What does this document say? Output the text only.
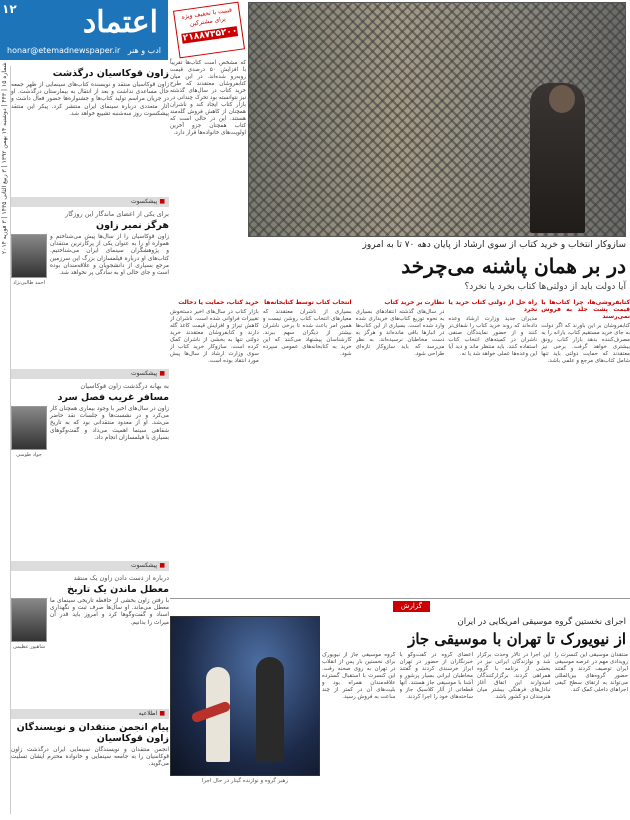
اعتماد
honar@etemadnewspaper.ir ادب و هنر
۱۲
شماره ۱۵ | ۴۴۳ | دوشنبه ۱۴ بهمن ۱۳۹۲ | ۳ ربیع الثانی ۱۴۳۵ | ۳ فوریه ۲۰۱۴	زاون قوکاسیان درگذشت

زاون قوکاسیان منتقد و نویسنده کتاب‌های سینمایی از ظهر جمعه حال مساعدی نداشت و بعد از انتقال به بیمارستان درگذشت. او در جریان مراسم تولید کتاب‌ها و جشنواره‌ها حضور فعال داشت و آثار متعددی درباره سینمای ایران منتشر کرد. پیکر این منتقد پیشکسوت روز سه‌شنبه تشییع خواهد شد.

■ پیشکسوت
برای یکی از اعضای ماندگار این روزگار
هرگز نمیر زاون

زاون قوکاسیان را از سال‌ها پیش می‌شناختم و همواره او را به عنوان یکی از پرکارترین منتقدان و پژوهشگران سینمای ایران می‌شناختیم. کتاب‌های او درباره فیلمسازان بزرگ این سرزمین مرجع بسیاری از دانشجویان و علاقه‌مندان بوده است و جای خالی او به سادگی پر نخواهد شد.

احمد طالبی‌نژاد
■ پیشکسوت
به بهانه درگذشت زاون قوکاسیان
مسافر غریب فصل سرد

زاون در سال‌های اخیر با وجود بیماری همچنان کار می‌کرد و در نشست‌ها و جلسات نقد حاضر می‌شد. او از معدود منتقدانی بود که به تاریخ شفاهی سینما اهمیت می‌داد و گفت‌وگوهای بسیاری با فیلمسازان انجام داد.

جواد طوسی
■ پیشکسوت
درباره از دست دادن زاون یک منتقد
معطل ماندن یک تاریخ

با رفتن زاون بخشی از حافظه تاریخی سینمای ما معطل می‌ماند. او سال‌ها صرف ثبت و نگهداری اسناد و گفت‌وگوها کرد و امروز باید قدر آن میراث را بدانیم.

شاهپور عظیمی
■ اطلاعیه
پیام انجمن منتقدان و نویسندگان زاون قوکاسیان

انجمن منتقدان و نویسندگان سینمایی ایران درگذشت زاون قوکاسیان را به جامعه سینمایی و خانواده محترم ایشان تسلیت می‌گوید.

قیمت با تخفیف ویژه برای مشترکین
۰۲۱۸۸۷۳۵۲۰۰

که مشخص است کتاب‌ها تقریباً با افزایش ۵۰ درصدی قیمت روبه‌رو شده‌اند. در این میان کتابفروشان معتقدند که طرح خرید کتاب در سال‌های گذشته نیز نتوانسته بود تحرک چندانی در بازار کتاب ایجاد کند و ناشران همچنان از کاهش فروش گله‌مند هستند. این در حالی است که کتاب همچنان جزو آخرین اولویت‌های خانواده‌ها قرار دارد.

سازوکار انتخاب و خرید کتاب از سوی ارشاد از پایان دهه ۷۰ تا به امروز
در بر همان پاشنه می‌چرخد
آیا دولت باید از دولتی‌ها کتاب بخرد یا نخرد؟
کتابفروشی‌ها، چرا کتاب‌ها با قیمت پشت جلد به فروش نمی‌رسند

کتابفروشان بر این باورند که اگر دولت به جای خرید مستقیم کتاب، یارانه را به مصرف‌کننده بدهد بازار کتاب رونق بیشتری خواهد گرفت. برخی نیز معتقدند که حمایت دولتی باید تنها شامل کتاب‌های مرجع و علمی باشد.

راه حل از دولتی کتاب خرید یا نخرد

مدیران جدید وزارت ارشاد وعده داده‌اند که روند خرید کتاب را شفاف‌تر کنند و از حضور نمایندگان صنفی ناشران در کمیته‌های انتخاب کتاب استفاده کنند. باید منتظر ماند و دید آیا این وعده‌ها عملی خواهد شد یا نه.

نظارت بر خرید کتاب

در سال‌های گذشته انتقادهای بسیاری به نحوه توزیع کتاب‌های خریداری شده وارد شده است. بسیاری از این کتاب‌ها در انبارها باقی مانده‌اند و هرگز به دست مخاطبان نرسیده‌اند. به نظر می‌رسد که باید سازوکار تازه‌ای طراحی شود.

انتخاب کتاب توسط کتابخانه‌ها

بسیاری از ناشران معتقدند که معیارهای انتخاب کتاب روشن نیست و همین امر باعث شده تا برخی ناشران بیشتر از دیگران سهم ببرند. کارشناسان پیشنهاد می‌کنند که این خرید به کتابخانه‌های عمومی سپرده شود.

خرید کتاب، حمایت یا دخالت

بازار کتاب در سال‌های اخیر دستخوش تغییرات فراوانی شده است. ناشران از کاهش تیراژ و افزایش قیمت کاغذ گله دارند و کتابفروشان معتقدند خرید دولتی تنها به بخشی از ناشران کمک کرده است. سازوکار خرید کتاب از سوی وزارت ارشاد از سال‌ها پیش مورد انتقاد بوده است.

گزارش
اجرای نخستین گروه موسیقی امریکایی در ایران
از نیویورک تا تهران با موسیقی جاز
رهبر گروه و نوازنده گیتار در حال اجرا

منتقدان موسیقی این کنسرت را رویدادی مهم در عرصه موسیقی ایران توصیف کردند و گفتند حضور گروه‌های بین‌المللی می‌تواند به ارتقای سطح کیفی اجراهای داخلی کمک کند.

این اجرا در تالار وحدت برگزار شد و نوازندگان ایرانی نیز در بخشی از برنامه با گروه همراهی کردند. برگزارکنندگان امیدوارند این اتفاق آغاز تبادل‌های فرهنگی بیشتر میان هنرمندان دو کشور باشد.

اعضای گروه در گفت‌وگو با خبرنگاران از حضور در تهران ابراز خرسندی کردند و گفتند مخاطبان ایرانی بسیار پرشور و آشنا با موسیقی جاز هستند. آنها قطعاتی از آثار کلاسیک جاز و ساخته‌های خود را اجرا کردند.

گروه موسیقی جاز از نیویورک برای نخستین بار پس از انقلاب در تهران به روی صحنه رفت. این کنسرت با استقبال گسترده علاقه‌مندان همراه بود و بلیت‌های آن در کمتر از چند ساعت به فروش رسید.
